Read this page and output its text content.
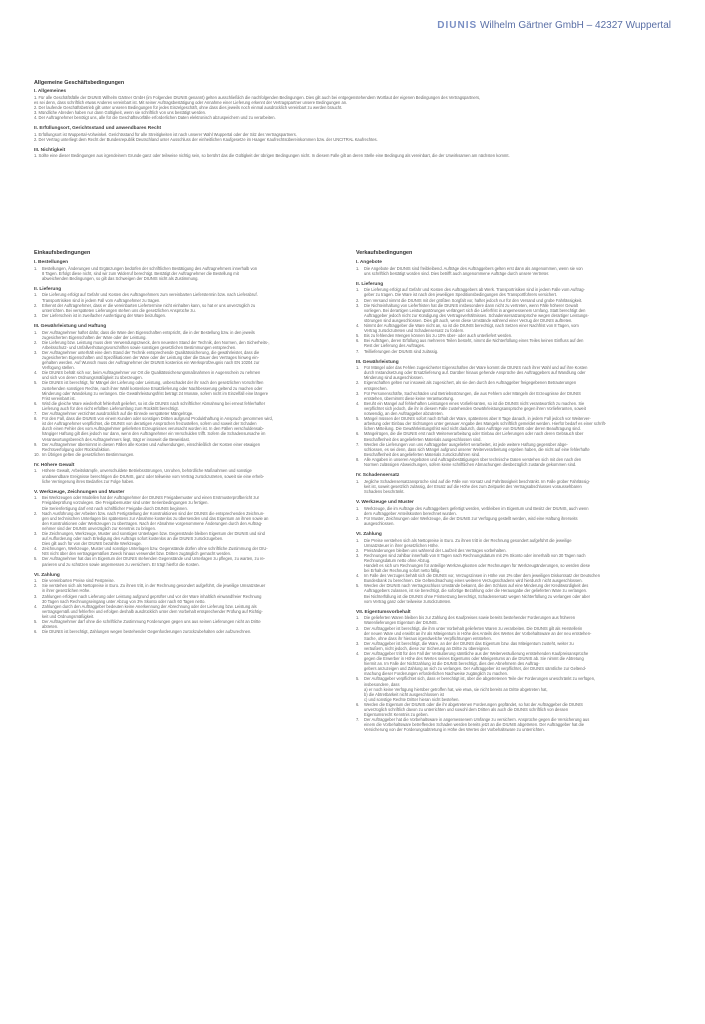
DIUNIS Wilhelm Gärtner GmbH – 42327 Wuppertal
Allgemeine Geschäftsbedingungen
I. Allgemeines
1. Für alle Geschäftsfälle der DIUNIS Wilhelm Gärtner GmbH (im Folgenden DIUNIS genannt) gelten ausschließlich die nachfolgenden Bedingungen. Dies gilt auch bei entgegenstehendem Wortlaut der eigenen Bedingungen des Vertragspartners,
es sei denn, dass schriftlich etwas Anderes vereinbart ist. Mit seiner Auftragsbestätigung oder Annahme einer Lieferung erkennt der Vertragspartner unsere Bedingungen an.
2. Der laufende Geschäftsbetrieb gilt unter unseren Bedingungen für jedes Einzelgeschäft, ohne dass dies jeweils noch einmal ausdrücklich vereinbart zu werden braucht.
3. Mündliche Abreden haben nur dann Gültigkeit, wenn sie schriftlich von uns bestätigt werden.
4. Der Auftragnehmer benötigt uns, alle für die Geschäftsvorfälle erforderlichen Daten elektronisch abzuspeichern und zu verarbeiten.
II. Erfüllungsort, Gerichtsstand und anwendbares Recht
1. Erfüllungsort ist Wuppertal-Vohwinkel. Gerichtsstand für alle Streitigkeiten ist nach unserer Wahl Wuppertal oder der Sitz des Vertragspartners.
2. Der Vertrag unterliegt dem Recht der Bundesrepublik Deutschland unter Ausschluss der einheitlichen Kaufgesetze im Haager Kaufrechtsübereinkommen bzw. der UNCITRAL Kaufrechtes.
III. Nichtigkeit
1. Sollte eine dieser Bedingungen aus irgendeinem Grunde ganz oder teilweise nichtig sein, so berührt das die Gültigkeit der übrigen Bedingungen nicht. In diesem Falle gilt an deren Stelle eine Bedingung als vereinbart, die der Unwirksamen am nächsten kommt.
Einkaufsbedingungen
I. Bestellungen
1. Bestellungen, Änderungen und Ergänzungen bedürfen der schriftlichen Bestätigung des Auftragnehmers innerhalb von
8 Tagen. Erfolgt diese nicht, sind wir zum Widerruf berechtigt. Bestätigt der Auftragnehmer die Bestellung mit
abweichenden Bedingungen, so gilt das Schweigen der DIUNIS nicht als Zustimmung.
II. Lieferung
1. Die Lieferung erfolgt auf Gefahr und Kosten des Auftragnehmers zum vereinbarten Lieferstermin bzw. nach Lieferabruf.
Transportrisiken sind in jedem Fall vom Auftragnehmer zu tragen.
2. Erkennt der Auftragnehmer, dass er die vereinbarten Liefertermine nicht einhalten kann, so hat er uns unverzüglich zu
unterrichten. Bei verspäteten Lieferungen stehen uns die gesetzlichen Ansprüche zu.
3. Der Lieferschein ist in zweifacher Ausfertigung der Ware beizufügen.
III. Gewährleistung und Haftung
1. Der Auftragnehmer haftet dafür, dass die Ware den Eigenschaften entspricht, die in der Bestellung bzw. in den jeweils
zugesicherten Eigenschaften der Ware oder der Leistung.
2. Die Lieferung bzw. Leistung muss dem Verwendungszweck, dem neuesten Stand der Technik, den Normen, den Sicherheits-,
Arbeitsschutz- und Unfallverhütungsvorschriften sowie sonstigen gesetzlichen Bestimmungen entsprechen.
3. Der Auftragnehmer unterhält eine dem Stand der Technik entsprechende Qualitätssicherung, die gewährleistet, dass die
zugesicherten Eigenschaften und Spezifikationen der Ware oder der Leistung über die Dauer des Vertrages hinweg ein-
gehalten werden. Auf Wunsch muss der Auftragnehmer der DIUNIS kostenlos ein Werksprüfzeugnis nach EN 10204 zur
Verfügung stellen.
4. Die DIUNIS behält sich vor, beim Auftragnehmer vor Ort die Qualitätssicherungsmaßnahmen in Augenschein zu nehmen
und sich von deren Ordnungsmäßigkeit zu überzeugen.
5. Die DIUNIS ist berechtigt, für Mängel der Lieferung oder Leistung, unbeschadet der ihr nach den gesetzlichen Vorschriften
zustehenden sonstigen Rechte, nach ihrer Wahl kostenlose Ersatzlieferung oder Nachbesserung geltend zu machen oder
Minderung oder Wandelung zu verlangen. Die Gewährleistungsfrist beträgt 24 Monate, sofern nicht im Einzelfall eine längere
Frist vereinbart ist.
6. Wird die gleiche Ware wiederholt fehlerhaft geliefert, so ist die DIUNIS nach schriftlicher Abmahnung bei erneut fehlerhafter
Lieferung auch für den nicht erfüllten Lieferumfang zum Rücktritt berechtigt.
7. Der Auftragnehmer verzichtet ausdrücklich auf die Einrede verspäteter Mängelrüge.
8. Für den Fall, dass die DIUNIS von einem Kunden oder sonstigen Dritten aufgrund Produkthaftung in Anspruch genommen wird,
ist der Auftragnehmer verpflichtet, die DIUNIS von derartigen Ansprüchen freizustellen, sofern und soweit der Schaden
durch einen Fehler des vom Auftragnehmer gelieferten Erzeugnisses verursacht worden ist. In den Fällen verschuldensab-
hängiger Haftung gilt dies jedoch nur dann, wenn den Auftragnehmer ein Verschulden trifft. Sofern die Schadensursache im
Verantwortungsbereich des Auftragnehmers liegt, trägt er insoweit die Beweislast.
9. Der Auftragnehmer übernimmt in diesen Fällen alle Kosten und Aufwendungen, einschließlich der Kosten einer etwaigen
Rechtsverfolgung oder Rückrufaktion.
10. Im Übrigen gelten die gesetzlichen Bestimmungen.
IV. Höhere Gewalt
1. Höhere Gewalt, Arbeitskämpfe, unverschuldete Betriebsstörungen, Unruhen, behördliche Maßnahmen und sonstige
unabwendbare Ereignisse berechtigen die DIUNIS, ganz oder teilweise vom Vertrag zurückzutreten, soweit sie eine erheb-
liche Verringerung ihres Bedarfes zur Folge haben.
V. Werkzeuge, Zeichnungen und Muster
1. Bei Werkzeugen oder Modellen hat der Auftragnehmer der DIUNIS Freigabemuster und einen Erstmusterprüfbericht zur
Freigabeprüfung vorzulegen. Die Freigabemuster sind unter Serienbedingungen zu fertigen.
Die Serienfertigung darf erst nach schriftlicher Freigabe durch DIUNIS beginnen.
2. Nach Ausführung der Arbeiten bzw. nach Fertigstellung der Konstruktionen sind der DIUNIS die entsprechenden Zeichnun-
gen und technischen Unterlagen bis spätestens zur Abnahme kostenlos zu übersenden und das Eigentum an ihnen sowie an
den Konstruktionen oder Werkzeugen zu übertragen. Nach der Abnahme vorgenommene Änderungen durch den Auftrag-
nehmer sind der DIUNIS unverzüglich zur Kenntnis zu bringen.
3. Die Zeichnungen, Werkzeuge, Muster und sonstigen Unterlagen bzw. Gegenstände bleiben Eigentum der DIUNIS und sind
auf Aufforderung oder nach Erledigung des Auftrags sofort kostenlos an die DIUNIS zurückzugeben.
Dies gilt auch für von der DIUNIS bezahlte Werkzeuge.
4. Zeichnungen, Werkzeuge, Muster und sonstige Unterlagen bzw. Gegenstände dürfen ohne schriftliche Zustimmung der DIU-
NIS nicht über den vertragsgemäßen Zweck hinaus verwendet bzw. Dritten zugänglich gemacht werden.
5. Der Auftragnehmer hat das im Eigentum der DIUNIS stehenden Gegenstände und Unterlagen zu pflegen, zu warten, zu re-
parieren und zu schützen sowie angemessen zu versichern. Er trägt hierfür die Kosten.
VI. Zahlung
1. Die vereinbarten Preise sind Festpreise.
2. Sie verstehen sich als Nettopreise in Euro. Zu ihnen tritt, in der Rechnung gesondert aufgeführt, die jeweilige Umsatzsteuer
in ihrer gesetzlichen Höhe.
3. Zahlungen erfolgen nach Lieferung oder Leistung aufgrund geprüfter und vor der Ware inhaltlich einwandfreier Rechnung
30 Tagen nach Rechnungseingang unter Abzug von 3% Skonto oder nach 60 Tagen netto.
4. Zahlungen durch den Auftraggeber bedeuten keine Anerkennung der Abrechnung oder der Lieferung bzw. Leistung als
vertragsgemäß und fehlerfrei und erfolgen deshalb ausdrücklich unter dem Vorbehalt entsprechender Prüfung auf Richtig-
keit und Ordnungsmäßigkeit.
5. Der Auftragnehmer darf ohne die schriftliche Zustimmung Forderungen gegen uns aus seinen Lieferungen nicht an Dritte
abtreten.
6. Die DIUNIS ist berechtigt, Zahlungen wegen bestehender Gegenforderungen zurückzubehalten oder aufzurechnen.
Verkaufsbedingungen
I. Angebote
1. Die Angebote der DIUNIS sind freibleibend. Aufträge des Auftraggebers gelten erst dann als angenommen, wenn sie von
uns schriftlich bestätigt worden sind. Dies betrifft auch angenommene Aufträge durch unsere Vertreter.
II. Lieferung
1. Die Lieferung erfolgt auf Gefahr und Kosten des Auftraggebers ab Werk. Transportrisiken sind in jedem Falle vom Auftrag-
geber zu tragen. Die Ware ist nach den jeweiligen Speditionsbedingungen des Transportführers versichert.
2. Den Versand nimmt die DIUNIS mit der größten Sorgfalt vor, haftet jedoch nur für den Versand und grobe Fahrlässigkeit.
3. Die Nichteinhaltung von Lieferfristen hat die DIUNIS insbesondere dann nicht zu vertreten, wenn Fälle höherer Gewalt
vorliegen. Bei derartigen Leistungsstörungen verlängert sich die Lieferfrist in angemessenem Umfang. Statt berechtigt den
Auftraggeber jedoch nicht zur Kündigung des Vertragsverhältnisses. Schadensersatzansprüche wegen derartiger Leistungs-
störungen sind ausgeschlossen. Dies gilt auch, wenn diese Umstände während einer Verzug der DIUNIS auftreten.
4. Nimmt der Auftraggeber die Ware nicht an, so ist die DIUNIS berechtigt, nach Setzen einer Nachfrist von 8 Tagen, vom
Vertrag zurückzutreten und Schadensersatz zu fordern.
5. Bis zu fehlenden Mengen können bis zu 10% über- oder auch unterliefert werden.
6. Bei Aufträgen, deren Erfüllung aus mehreren Teilen besteht, nimmt die Nichterfüllung eines Teiles keinen Einfluss auf den
Rest der Lieferung des Auftrages.
7. Teillieferungen der DIUNIS sind zulässig.
III. Gewährleistung
1. Für Mängel oder das Fehlen zugesicherter Eigenschaften der Ware kommt die DIUNIS nach ihrer Wahl und auf ihre Kosten
durch Instandsetzung oder Ersatzlieferung auf. Darüber hinaus gehende Ansprüche des Auftraggebers auf Wandlung oder
Minderung sind ausgeschlossen.
2. Eigenschaften gelten nur insoweit als zugesichert, als sie den durch den Auftraggeber freigegebenen Betrauterungen
entsprechen.
3. Für Personenschäfte, Sachschäden und Betriebsstörungen, die aus Fehlern oder Mängeln der Erzeugnisse der DIUNIS
entstehen, übernimmt diese keine Verantwortung.
4. Beruht ein Mangel auf fehlerhaften Leistungen eines Vorlieferanten, so ist die DIUNIS nicht verantwortlich zu machen. Sie
verpflichtet sich jedoch, die ihr in diesem Falle zustehenden Gewährleistungsansprüche gegen ihren Vorlieferanten, soweit
notwendig, an den Auftraggeber abzutreten.
5. Mängel müssen der DIUNIS sofort nach Erhalt der Ware, spätestens aber 8 Tage danach, in jedem Fall jedoch vor Weiterver-
arbeitung oder Einbau der Sichtungen unter genauer Angabe des Mangels schriftlich gemeldet werden. Hierfür bedarf es einer schrift-
lichen Mitteilung. Die Gewährleistungsfrist wird nicht dadurch, dass Aufträge von DIUNIS oder deren Beauftragung sind.
6. Mängelrügen, die die DIUNIS erst nach Weiterverarbeitung oder Einbau der Lieferungen oder nach deren Gebrauch über
Beschaffenheit des angelieferten Materials ausgeschlossen sind.
7. Werden die Lieferungen von uns Auftraggeber ausgeliefert verarbeitet, ist jede weitere Haftung gegenüber abge-
schlossen, es sei denn, dass sich Mängel aufgrund unserer Weiterverarbeitung ergeben haben, die nicht auf eine fehlerhafte
Beschaffenheit des angelieferten Materials zurückzuführen sind.
8. Alle Angaben in unseren Angeboten und Auftragsbestätigungen über technische Daten verstehen sich mit den nach den
Normen zulässigen Abweichungen, sofern keine schriftlichen Abmachungen diesbezüglich zustande gekommen sind.
IV. Schadensersatz
1. Jegliche Schadensersatzansprüche sind auf die Fälle von Vorsatz und Fahrlässigkeit beschränkt. Im Falle grober Fahrlässig-
keit ist, soweit gesetzlich zulässig, der Ersatz auf die Höhe des zum Zeitpunkt des Vertragsabschlusses voraussehbaren
Schadens beschränkt.
V. Werkzeuge und Muster
1. Werkzeuge, die im Auftrage des Auftraggebers gefertigt werden, verbleiben im Eigentum und Besitz der DIUNIS, auch wenn
dem Auftraggeber Anteilskosten berechnet wurden.
2. Für Muster, Zeichnungen oder Werkzeuge, die der DIUNIS zur Verfügung gestellt werden, wird eine Haftung ihrerseits
ausgeschlossen.
VI. Zahlung
1. Die Preise verstehen sich als Nettopreise in Euro. Zu ihnen tritt in der Rechnung gesondert aufgeführt die jeweilige
Umsatzsteuer in ihrer gesetzlichen Höhe.
2. Preisänderungen bleiben uns während der Laufzeit des Vertrages vorbehalten.
3. Rechnungen sind zahlbar innerhalb von 8 Tagen nach Rechnungsdatum mit 2% Skonto oder innerhalb von 30 Tagen nach
Rechnungsdatum netto ohne Abzug.
Handelt es sich um Rechnungen für anteilige Werkzeugkosten oder Rechnungen für Werkzeugänderungen, so werden diese
bei Erhalt der Rechnung sofort netto fällig.
4. Im Falle des Verzuges behält sich die DIUNIS vor, Verzugszinsen in Höhe von 2% über dem jeweiligen Diskontsatz der Deutschen
Bundesbank zu berechnen. Die Geltendmachung eines weiteren Verzugsschadens wird hierdurch nicht ausgeschlossen.
5. Werden der DIUNIS nach Vertragsschluss Umstände bekannt, die den Schluss auf eine Minderung der Kreditwürdigkeit des
Auftraggebers zulassen, ist sie berechtigt, die sofortige Bezahlung oder die Herausgabe der gelieferten Ware zu verlangen.
Bei Nichterfüllung ist die DIUNIS ohne Fristsetzung berechtigt, Schadensersatz wegen Nichterfüllung zu verlangen oder aber
vom Vertrag ganz oder teilweise zurückzutreten.
VII. Eigentumsvorbehalt
1. Die gelieferten Waren bleiben bis zur Zahlung des Kaufpreises sowie bereits bestehender Forderungen aus früheren
Warenlieferungen Eigentum der DIUNIS.
2. Der Auftraggeber ist berechtigt, die ihm unter Vorbehalt gelieferten Waren zu verarbeiten. Die DIUNIS gilt als Herstellerin
der neuen Ware und erwirbt an ihr als Miteigentum in Höhe des Anteils des Wertes der Vorbehaltsware an der neu entstehen-
Sache, ohne dass ihr hieraus irgendwelche Verpflichtungen entstehen.
3. Der Auftraggeber ist berechtigt, die Ware, an der der DIUNIS das Eigentum bzw. das Miteigentum zusteht, weiter zu
veräußern, nicht jedoch, diese zur Sicherung an Dritte zu übereignen.
4. Der Auftraggeber tritt für den Fall der Veräußerung sämtliche aus der Weiterveräußerung entstehenden Kaufpreisansprüche
gegen die Erwerber in Höhe des Wertes seines Eigentums oder Miteigentums an die DIUNIS ab. Sie nimmt die Abtretung
hiermit an. Im Falle der Nichtzahlung ist die DIUNIS berechtigt, dies den Abnehmern des Auftrag-
gebers anzuzeigen und Zahlung an sich zu verlangen. Der Auftraggeber ist verpflichtet, der DIUNIS sämtliche zur Geltend-
machung dieser Forderungen erforderlichen Nachweise zugänglich zu machen.
5. Der Auftraggeber verpflichtet sich, dass er berechtigt ist, über die abgetretenen Teile der Forderungen uneschränkt zu verfügen,
insbesondere, dass
a) er noch keine Verfügung hierüber getroffen hat, wie etwa, sie nicht bereits an Dritte abgetreten hat,
b) die Abtretbarkeit nicht ausgeschlossen ist
c) und sonstige Rechte Dritter hieran nicht bestehen.
6. Werden die Eigentum der DIUNIS oder die ihr abgetretenen Forderungen gepfändet, so hat der Auftraggeber die DIUNIS
unverzüglich schriftlich davon zu unterrichten und sowohl dem Dritten als auch die DIUNIS schriftlich von dessen
Eigentumsrecht Kenntnis zu geben.
7. Der Auftraggeber hat die Vorbehaltsware in angemessenem Umfange zu versichern. Ansprüche gegen die Versicherung aus
einem die Vorbehaltsware betreffenden Schaden werden bereits jetzt an die DIUNIS abgetreten. Der Auftraggeber hat die
Versicherung von der Forderungsabtretung in Höhe des Wertes der Vorbehaltsware zu unterrichten.
